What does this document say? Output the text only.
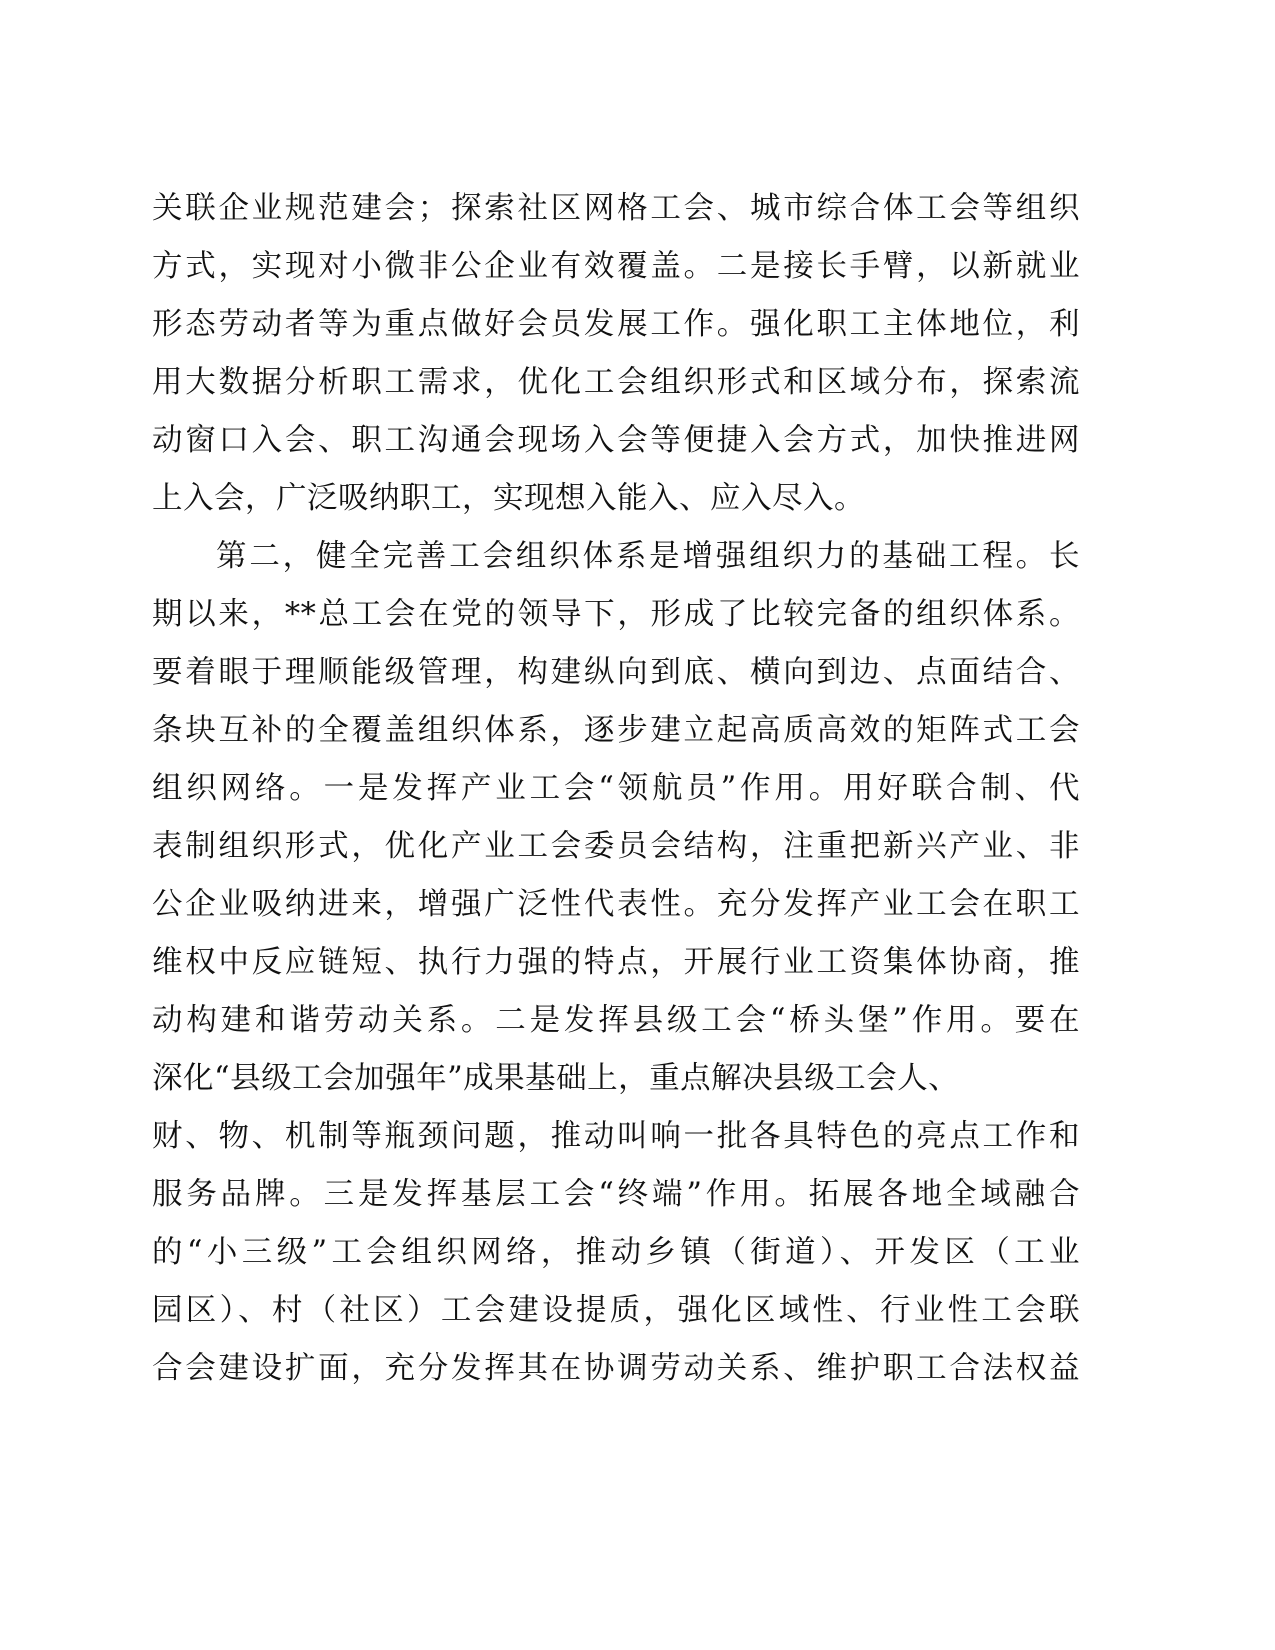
关联企业规范建会；探索社区网格工会、城市综合体工会等组织
方式，实现对小微非公企业有效覆盖。二是接长手臂，以新就业
形态劳动者等为重点做好会员发展工作。强化职工主体地位，利
用大数据分析职工需求，优化工会组织形式和区域分布，探索流
动窗口入会、职工沟通会现场入会等便捷入会方式，加快推进网
上入会，广泛吸纳职工，实现想入能入、应入尽入。
第二，健全完善工会组织体系是增强组织力的基础工程。长
期以来，**总工会在党的领导下，形成了比较完备的组织体系。
要着眼于理顺能级管理，构建纵向到底、横向到边、点面结合、
条块互补的全覆盖组织体系，逐步建立起高质高效的矩阵式工会
组织网络。一是发挥产业工会“领航员”作用。用好联合制、代
表制组织形式，优化产业工会委员会结构，注重把新兴产业、非
公企业吸纳进来，增强广泛性代表性。充分发挥产业工会在职工
维权中反应链短、执行力强的特点，开展行业工资集体协商，推
动构建和谐劳动关系。二是发挥县级工会“桥头堡”作用。要在
深化“县级工会加强年”成果基础上，重点解决县级工会人、
财、物、机制等瓶颈问题，推动叫响一批各具特色的亮点工作和
服务品牌。三是发挥基层工会“终端”作用。拓展各地全域融合
的“小三级”工会组织网络，推动乡镇（街道）、开发区（工业
园区）、村（社区）工会建设提质，强化区域性、行业性工会联
合会建设扩面，充分发挥其在协调劳动关系、维护职工合法权益
